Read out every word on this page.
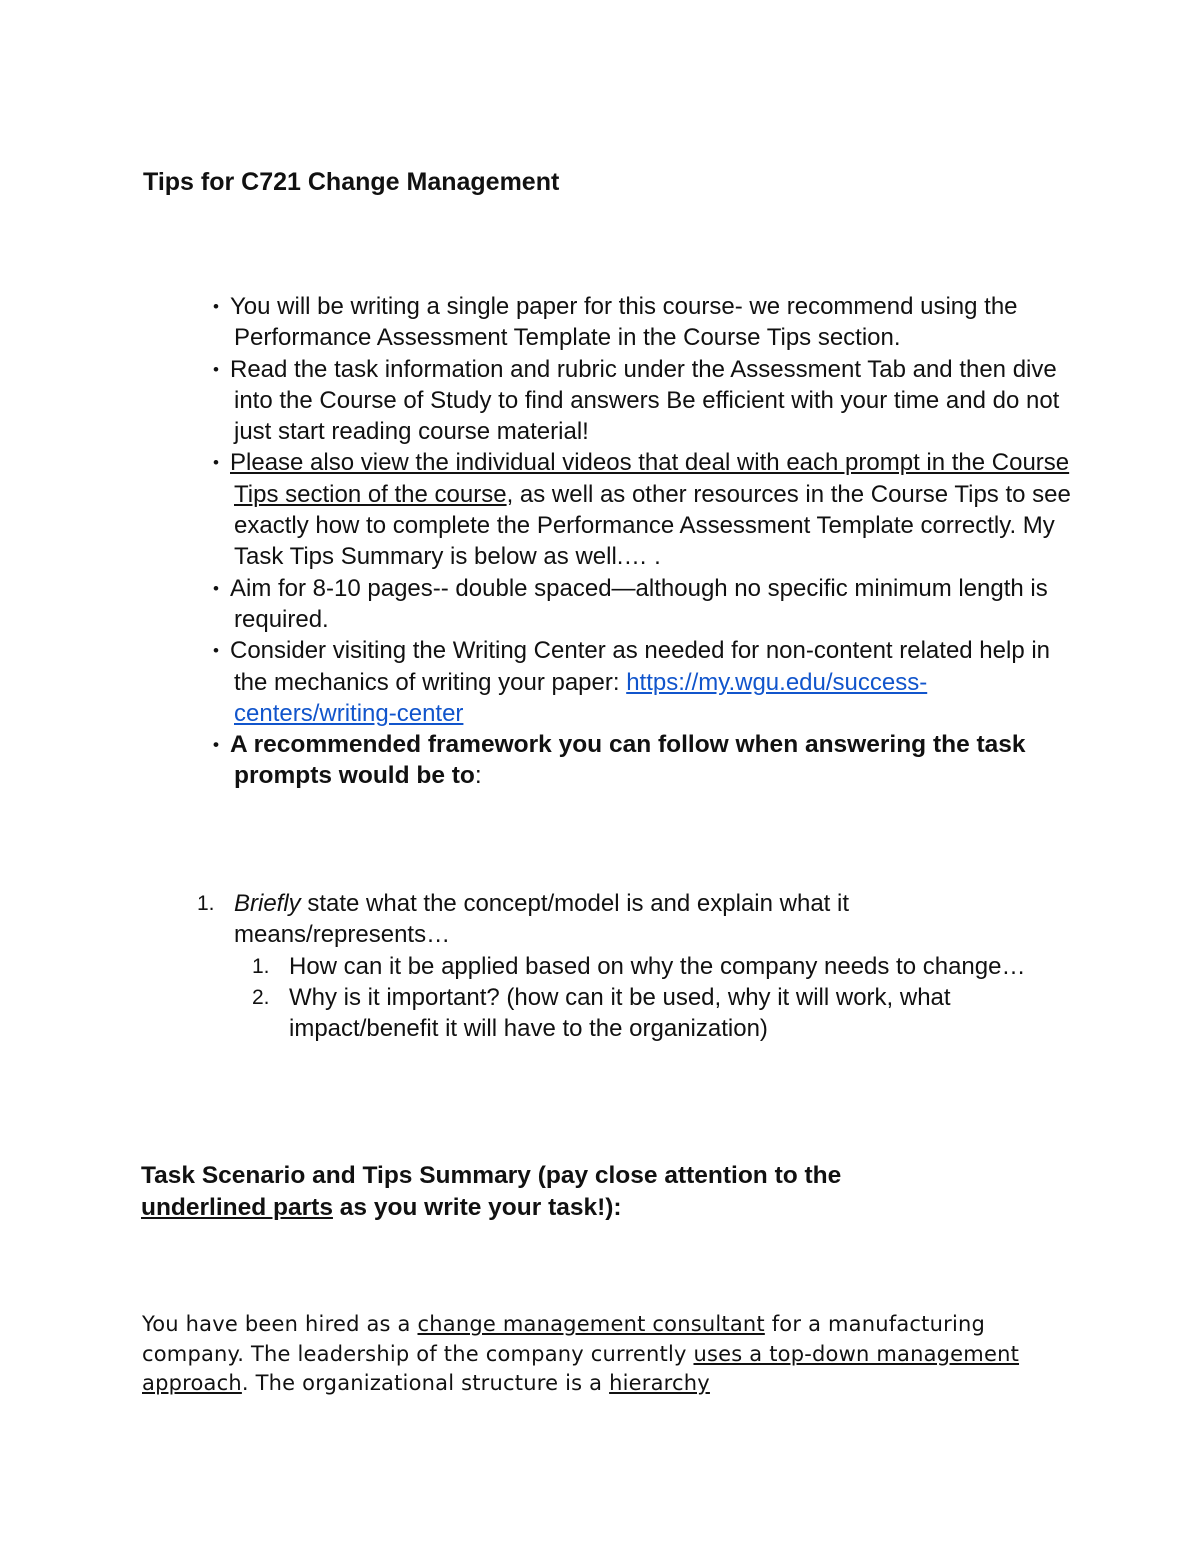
Tips for C721 Change Management
• You will be writing a single paper for this course- we recommend using the Performance Assessment Template in the Course Tips section.
• Read the task information and rubric under the Assessment Tab and then dive into the Course of Study to find answers Be efficient with your time and do not just start reading course material!
• Please also view the individual videos that deal with each prompt in the Course Tips section of the course, as well as other resources in the Course Tips to see exactly how to complete the Performance Assessment Template correctly. My Task Tips Summary is below as well.… .
• Aim for 8-10 pages-- double spaced—although no specific minimum length is required.
• Consider visiting the Writing Center as needed for non-content related help in the mechanics of writing your paper: https://my.wgu.edu/success-centers/writing-center
• A recommended framework you can follow when answering the task prompts would be to:
1. Briefly state what the concept/model is and explain what it means/represents…
1. How can it be applied based on why the company needs to change…
2. Why is it important? (how can it be used, why it will work, what impact/benefit it will have to the organization)
Task Scenario and Tips Summary (pay close attention to the underlined parts as you write your task!):

You have been hired as a change management consultant for a manufacturing company. The leadership of the company currently uses a top-down management approach. The organizational structure is a hierarchy
